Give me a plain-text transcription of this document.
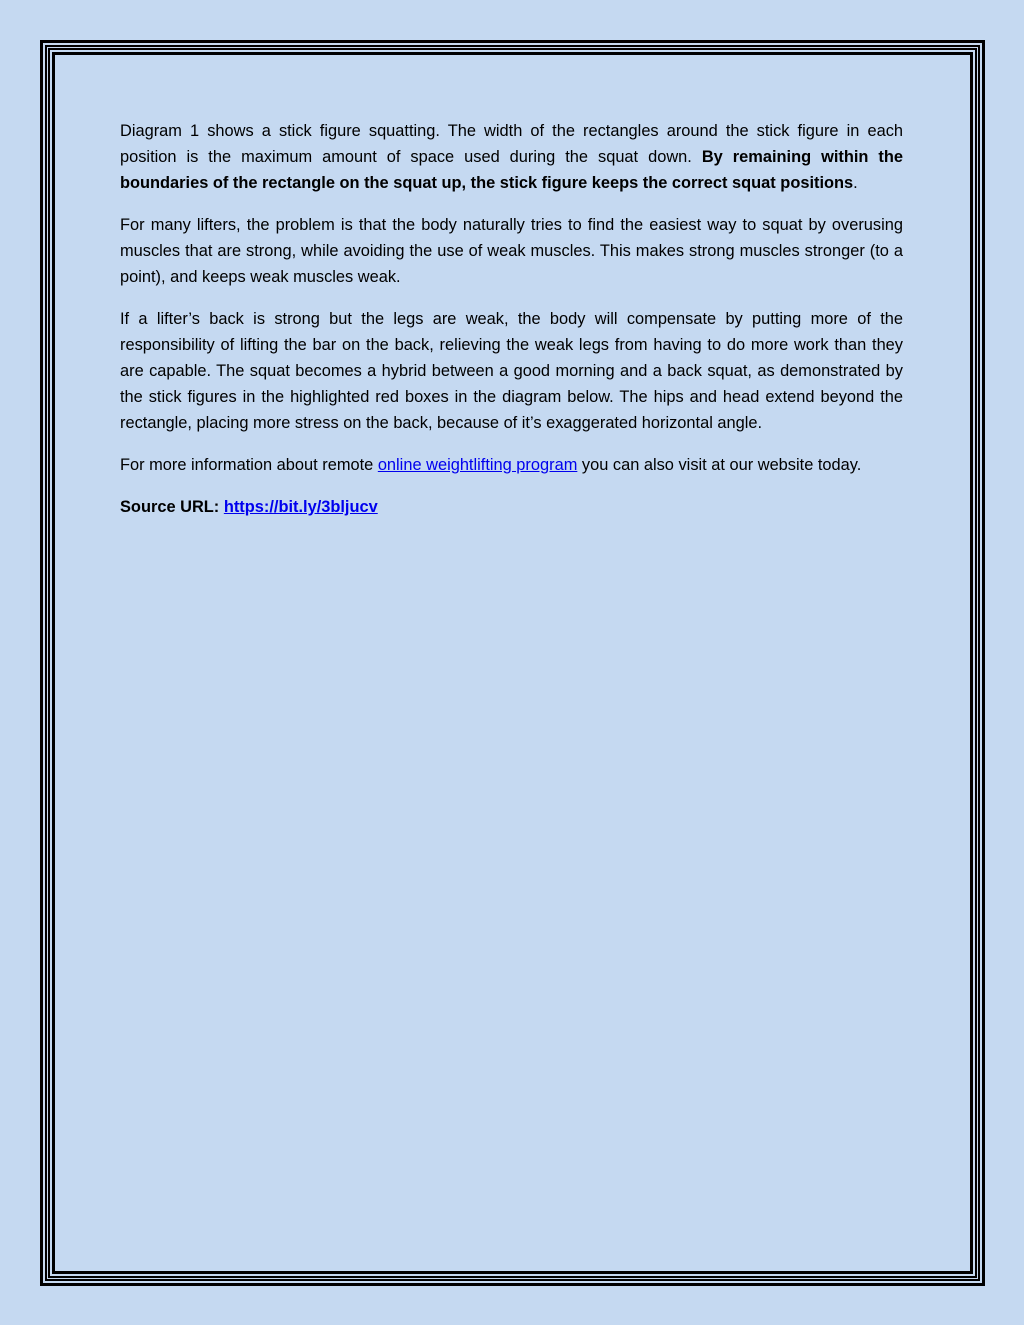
Diagram 1 shows a stick figure squatting. The width of the rectangles around the stick figure in each position is the maximum amount of space used during the squat down. By remaining within the boundaries of the rectangle on the squat up, the stick figure keeps the correct squat positions.

For many lifters, the problem is that the body naturally tries to find the easiest way to squat by overusing muscles that are strong, while avoiding the use of weak muscles. This makes strong muscles stronger (to a point), and keeps weak muscles weak.

If a lifter’s back is strong but the legs are weak, the body will compensate by putting more of the responsibility of lifting the bar on the back, relieving the weak legs from having to do more work than they are capable. The squat becomes a hybrid between a good morning and a back squat, as demonstrated by the stick figures in the highlighted red boxes in the diagram below. The hips and head extend beyond the rectangle, placing more stress on the back, because of it’s exaggerated horizontal angle.

For more information about remote online weightlifting program you can also visit at our website today.

Source URL: https://bit.ly/3bljucv
